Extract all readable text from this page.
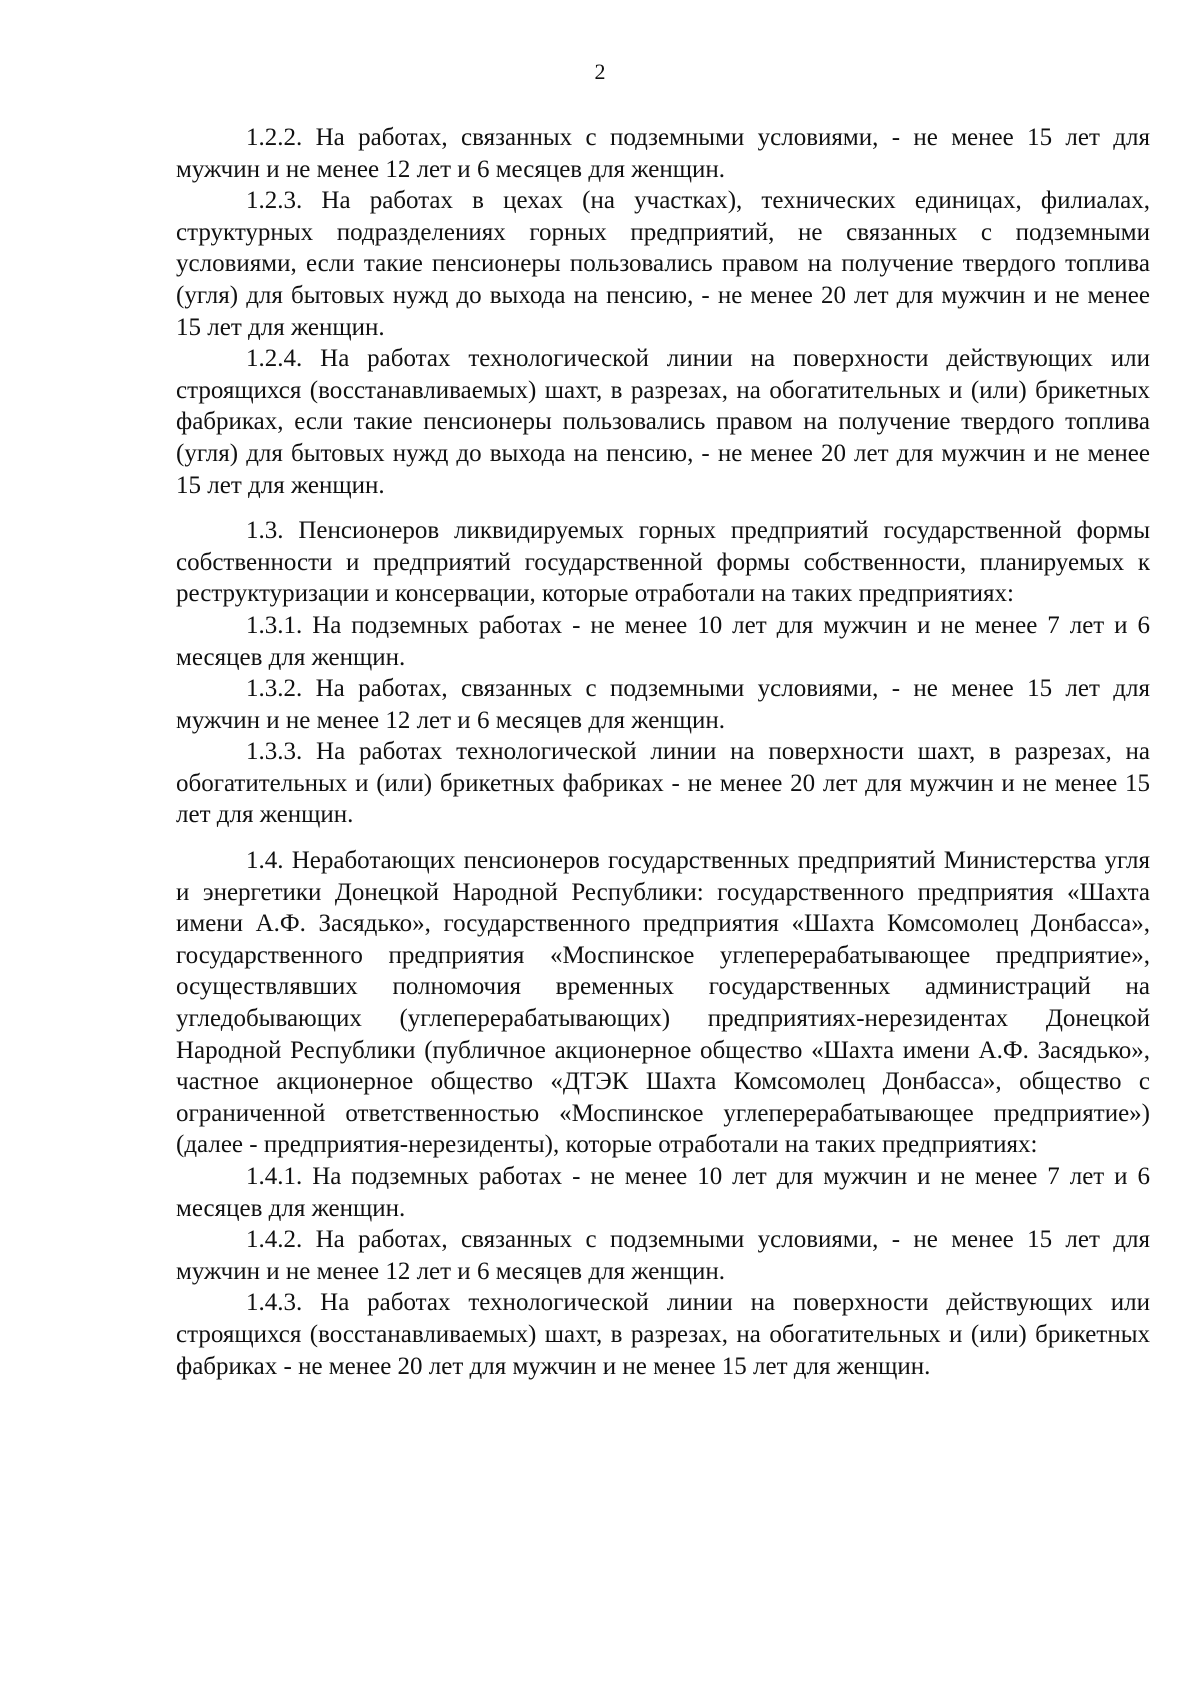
2

1.2.2. На работах, связанных с подземными условиями, - не менее 15 лет для мужчин и не менее 12 лет и 6 месяцев для женщин.

1.2.3. На работах в цехах (на участках), технических единицах, филиалах, структурных подразделениях горных предприятий, не связанных с подземными условиями, если такие пенсионеры пользовались правом на получение твердого топлива (угля) для бытовых нужд до выхода на пенсию, - не менее 20 лет для мужчин и не менее 15 лет для женщин.

1.2.4. На работах технологической линии на поверхности действующих или строящихся (восстанавливаемых) шахт, в разрезах, на обогатительных и (или) брикетных фабриках, если такие пенсионеры пользовались правом на получение твердого топлива (угля) для бытовых нужд до выхода на пенсию, - не менее 20 лет для мужчин и не менее 15 лет для женщин.

1.3. Пенсионеров ликвидируемых горных предприятий государственной формы собственности и предприятий государственной формы собственности, планируемых к реструктуризации и консервации, которые отработали на таких предприятиях:

1.3.1. На подземных работах - не менее 10 лет для мужчин и не менее 7 лет и 6 месяцев для женщин.

1.3.2. На работах, связанных с подземными условиями, - не менее 15 лет для мужчин и не менее 12 лет и 6 месяцев для женщин.

1.3.3. На работах технологической линии на поверхности шахт, в разрезах, на обогатительных и (или) брикетных фабриках - не менее 20 лет для мужчин и не менее 15 лет для женщин.

1.4. Неработающих пенсионеров государственных предприятий Министерства угля и энергетики Донецкой Народной Республики: государственного предприятия «Шахта имени А.Ф. Засядько», государственного предприятия «Шахта Комсомолец Донбасса», государственного предприятия «Моспинское углеперерабатывающее предприятие», осуществлявших полномочия временных государственных администраций на угледобывающих (углеперерабатывающих) предприятиях-нерезидентах Донецкой Народной Республики (публичное акционерное общество «Шахта имени А.Ф. Засядько», частное акционерное общество «ДТЭК Шахта Комсомолец Донбасса», общество с ограниченной ответственностью «Моспинское углеперерабатывающее предприятие») (далее - предприятия-нерезиденты), которые отработали на таких предприятиях:

1.4.1. На подземных работах - не менее 10 лет для мужчин и не менее 7 лет и 6 месяцев для женщин.

1.4.2. На работах, связанных с подземными условиями, - не менее 15 лет для мужчин и не менее 12 лет и 6 месяцев для женщин.

1.4.3. На работах технологической линии на поверхности действующих или строящихся (восстанавливаемых) шахт, в разрезах, на обогатительных и (или) брикетных фабриках - не менее 20 лет для мужчин и не менее 15 лет для женщин.
